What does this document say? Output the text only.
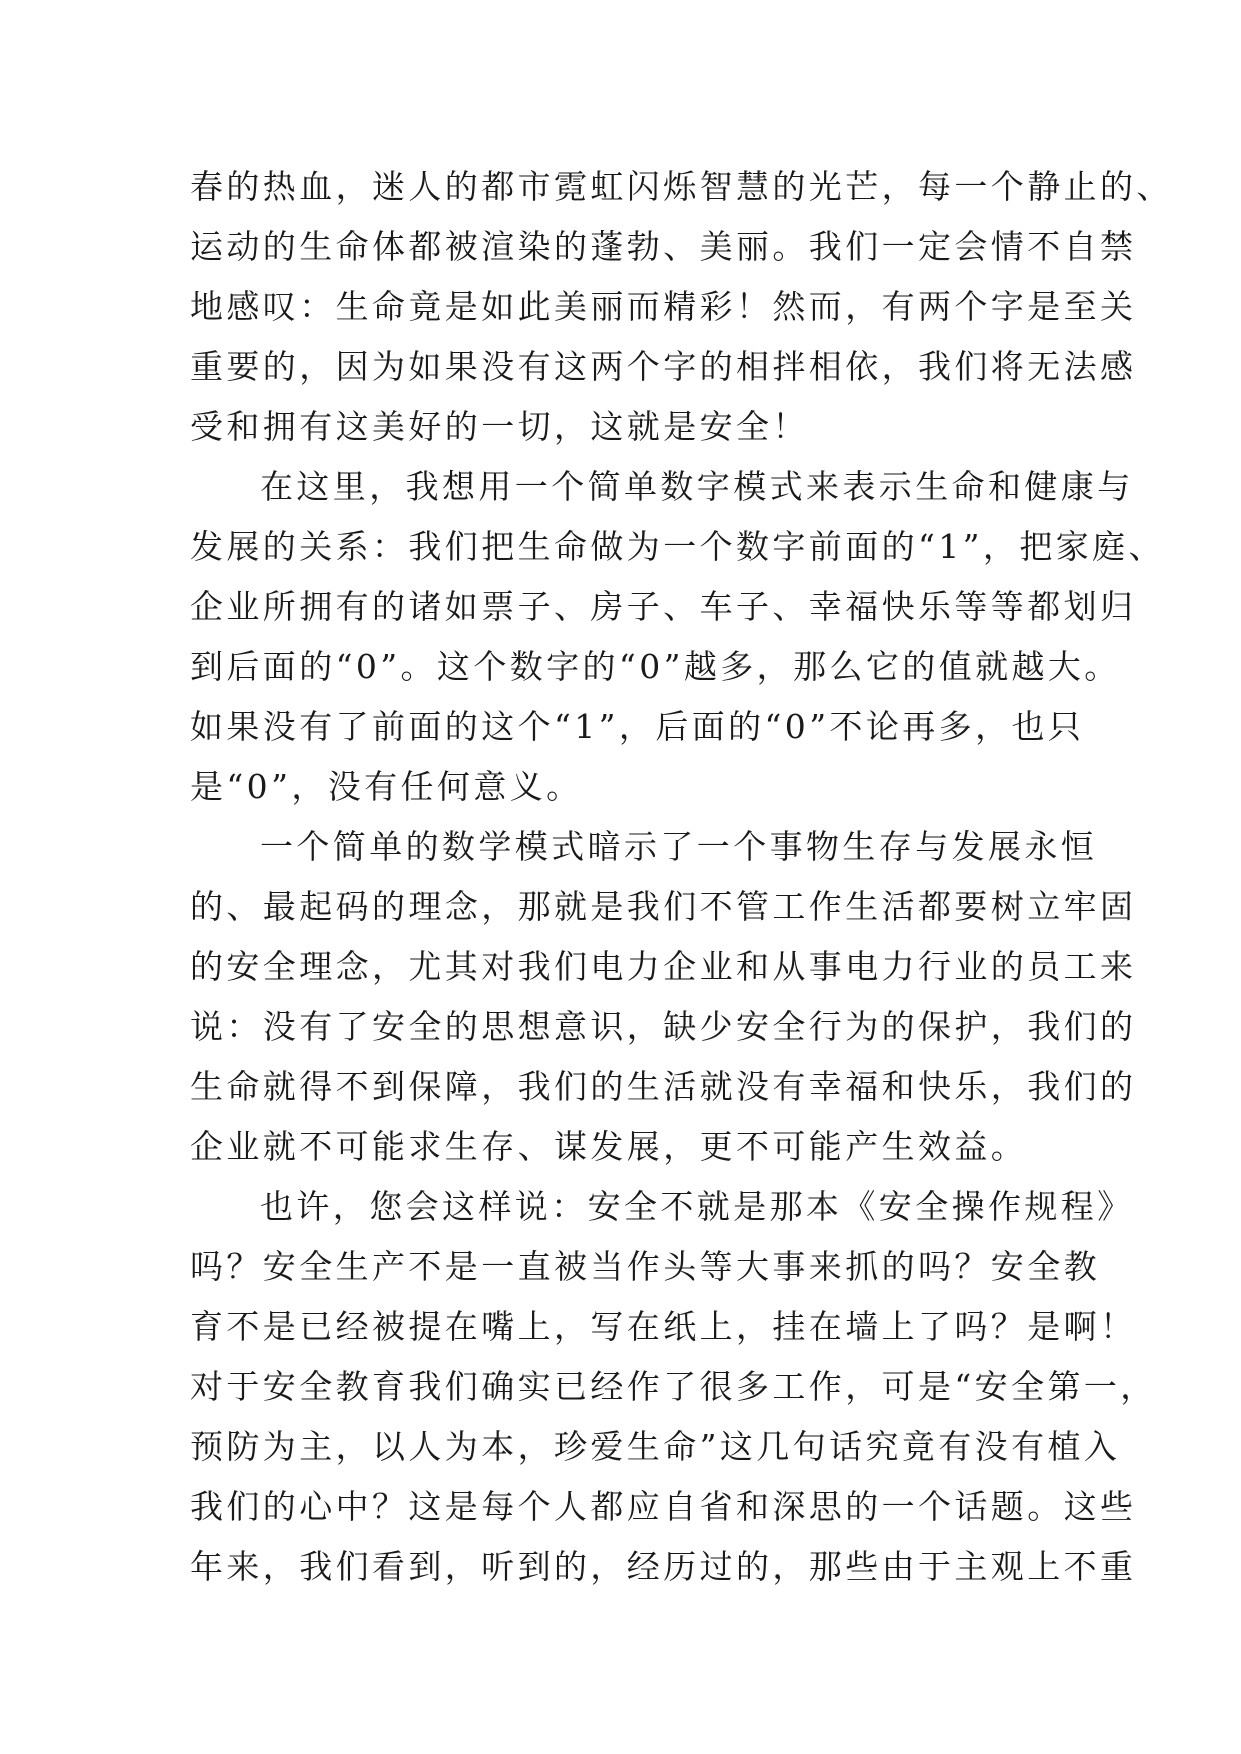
春的热血，迷人的都市霓虹闪烁智慧的光芒，每一个静止的、
运动的生命体都被渲染的蓬勃、美丽。我们一定会情不自禁
地感叹：生命竟是如此美丽而精彩！然而，有两个字是至关
重要的，因为如果没有这两个字的相拌相依，我们将无法感
受和拥有这美好的一切，这就是安全！
在这里，我想用一个简单数字模式来表示生命和健康与
发展的关系：我们把生命做为一个数字前面的“1”，把家庭、
企业所拥有的诸如票子、房子、车子、幸福快乐等等都划归
到后面的“0”。这个数字的“0”越多，那么它的值就越大。
如果没有了前面的这个“1”，后面的“0”不论再多，也只
是“0”，没有任何意义。
一个简单的数学模式暗示了一个事物生存与发展永恒
的、最起码的理念，那就是我们不管工作生活都要树立牢固
的安全理念，尤其对我们电力企业和从事电力行业的员工来
说：没有了安全的思想意识，缺少安全行为的保护，我们的
生命就得不到保障，我们的生活就没有幸福和快乐，我们的
企业就不可能求生存、谋发展，更不可能产生效益。
也许，您会这样说：安全不就是那本《安全操作规程》
吗？安全生产不是一直被当作头等大事来抓的吗？安全教
育不是已经被提在嘴上，写在纸上，挂在墙上了吗？是啊！
对于安全教育我们确实已经作了很多工作，可是“安全第一，
预防为主，以人为本，珍爱生命”这几句话究竟有没有植入
我们的心中？这是每个人都应自省和深思的一个话题。这些
年来，我们看到，听到的，经历过的，那些由于主观上不重
